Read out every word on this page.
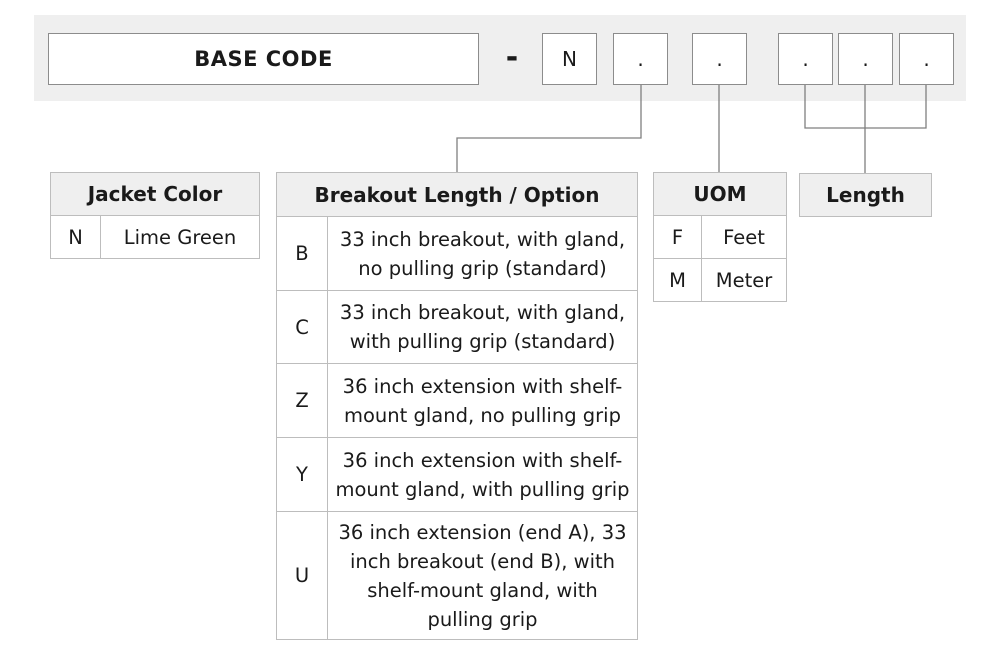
BASE CODE	-	N	.	.	.	.	.
Jacket Color
N	Lime Green
Breakout Length / Option	
B	33 inch breakout, with gland, no pulling grip (standard)
C	33 inch breakout, with gland, with pulling grip (standard)
Z	36 inch extension with shelf-mount gland, no pulling grip
Y	36 inch extension with shelf-mount gland, with pulling grip
U	36 inch extension (end A), 33 inch breakout (end B), with shelf-mount gland, with pulling grip
UOM	
F	Feet
M	Meter
Length
